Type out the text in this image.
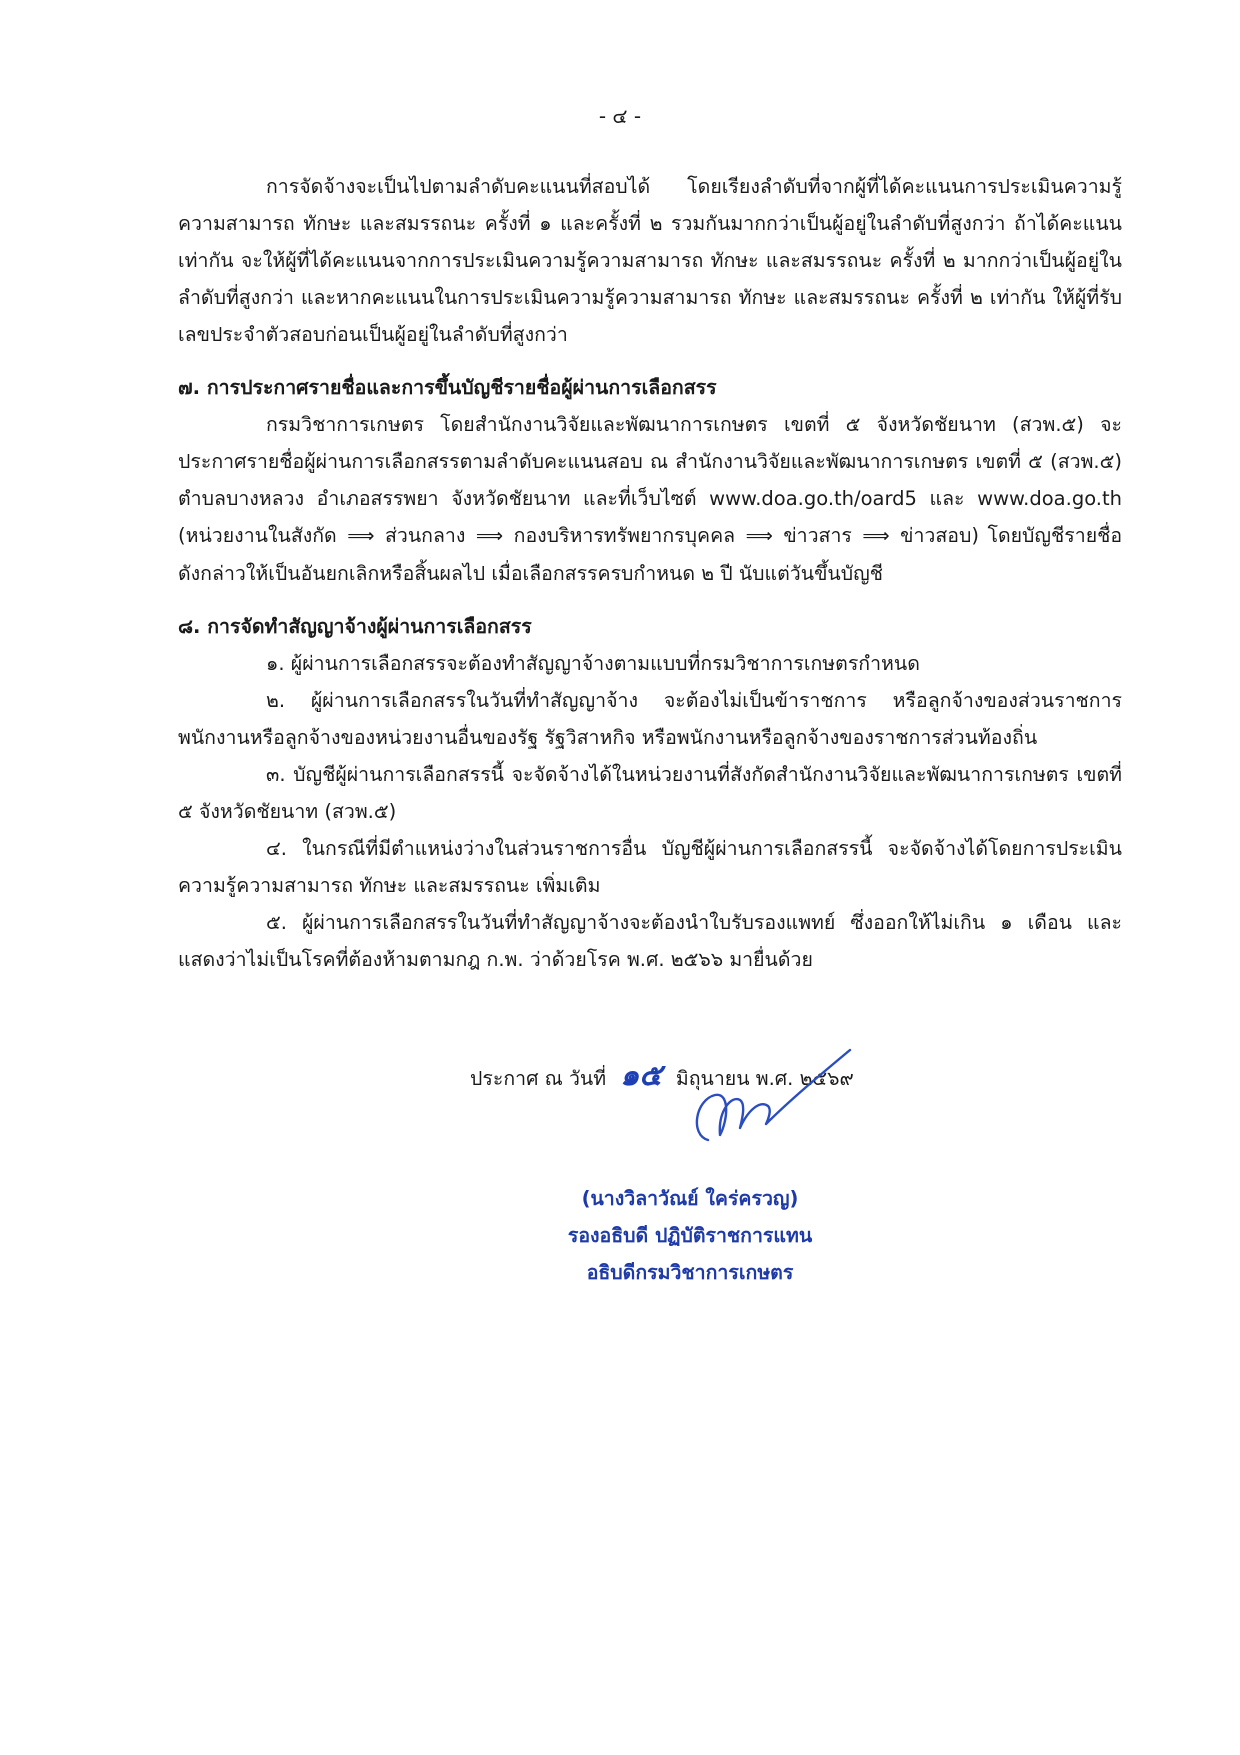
- ๔ -

การจัดจ้างจะเป็นไปตามลำดับคะแนนที่สอบได้ โดยเรียงลำดับที่จากผู้ที่ได้คะแนนการประเมินความรู้ความสามารถ ทักษะ และสมรรถนะ ครั้งที่ ๑ และครั้งที่ ๒ รวมกันมากกว่าเป็นผู้อยู่ในลำดับที่สูงกว่า ถ้าได้คะแนนเท่ากัน จะให้ผู้ที่ได้คะแนนจากการประเมินความรู้ความสามารถ ทักษะ และสมรรถนะ ครั้งที่ ๒ มากกว่าเป็นผู้อยู่ในลำดับที่สูงกว่า และหากคะแนนในการประเมินความรู้ความสามารถ ทักษะ และสมรรถนะ ครั้งที่ ๒ เท่ากัน ให้ผู้ที่รับเลขประจำตัวสอบก่อนเป็นผู้อยู่ในลำดับที่สูงกว่า

๗. การประกาศรายชื่อและการขึ้นบัญชีรายชื่อผู้ผ่านการเลือกสรร

กรมวิชาการเกษตร โดยสำนักงานวิจัยและพัฒนาการเกษตร เขตที่ ๕ จังหวัดชัยนาท (สวพ.๕) จะประกาศรายชื่อผู้ผ่านการเลือกสรรตามลำดับคะแนนสอบ ณ สำนักงานวิจัยและพัฒนาการเกษตร เขตที่ ๕ (สวพ.๕) ตำบลบางหลวง อำเภอสรรพยา จังหวัดชัยนาท และที่เว็บไซต์ www.doa.go.th/oard5 และ www.doa.go.th (หน่วยงานในสังกัด ⟹ ส่วนกลาง ⟹ กองบริหารทรัพยากรบุคคล ⟹ ข่าวสาร ⟹ ข่าวสอบ) โดยบัญชีรายชื่อดังกล่าวให้เป็นอันยกเลิกหรือสิ้นผลไป เมื่อเลือกสรรครบกำหนด ๒ ปี นับแต่วันขึ้นบัญชี

๘. การจัดทำสัญญาจ้างผู้ผ่านการเลือกสรร

๑. ผู้ผ่านการเลือกสรรจะต้องทำสัญญาจ้างตามแบบที่กรมวิชาการเกษตรกำหนด

๒. ผู้ผ่านการเลือกสรรในวันที่ทำสัญญาจ้าง จะต้องไม่เป็นข้าราชการ หรือลูกจ้างของส่วนราชการ พนักงานหรือลูกจ้างของหน่วยงานอื่นของรัฐ รัฐวิสาหกิจ หรือพนักงานหรือลูกจ้างของราชการส่วนท้องถิ่น

๓. บัญชีผู้ผ่านการเลือกสรรนี้ จะจัดจ้างได้ในหน่วยงานที่สังกัดสำนักงานวิจัยและพัฒนาการเกษตร เขตที่ ๕ จังหวัดชัยนาท (สวพ.๕)

๔. ในกรณีที่มีตำแหน่งว่างในส่วนราชการอื่น บัญชีผู้ผ่านการเลือกสรรนี้ จะจัดจ้างได้โดยการประเมินความรู้ความสามารถ ทักษะ และสมรรถนะ เพิ่มเติม

๕. ผู้ผ่านการเลือกสรรในวันที่ทำสัญญาจ้างจะต้องนำใบรับรองแพทย์ ซึ่งออกให้ไม่เกิน ๑ เดือน และแสดงว่าไม่เป็นโรคที่ต้องห้ามตามกฎ ก.พ. ว่าด้วยโรค พ.ศ. ๒๕๖๖ มายื่นด้วย

ประกาศ ณ วันที่ ๑๕ มิถุนายน พ.ศ. ๒๕๖๙
(นางวิลาวัณย์ ใคร่ครวญ)
รองอธิบดี ปฏิบัติราชการแทน
อธิบดีกรมวิชาการเกษตร
